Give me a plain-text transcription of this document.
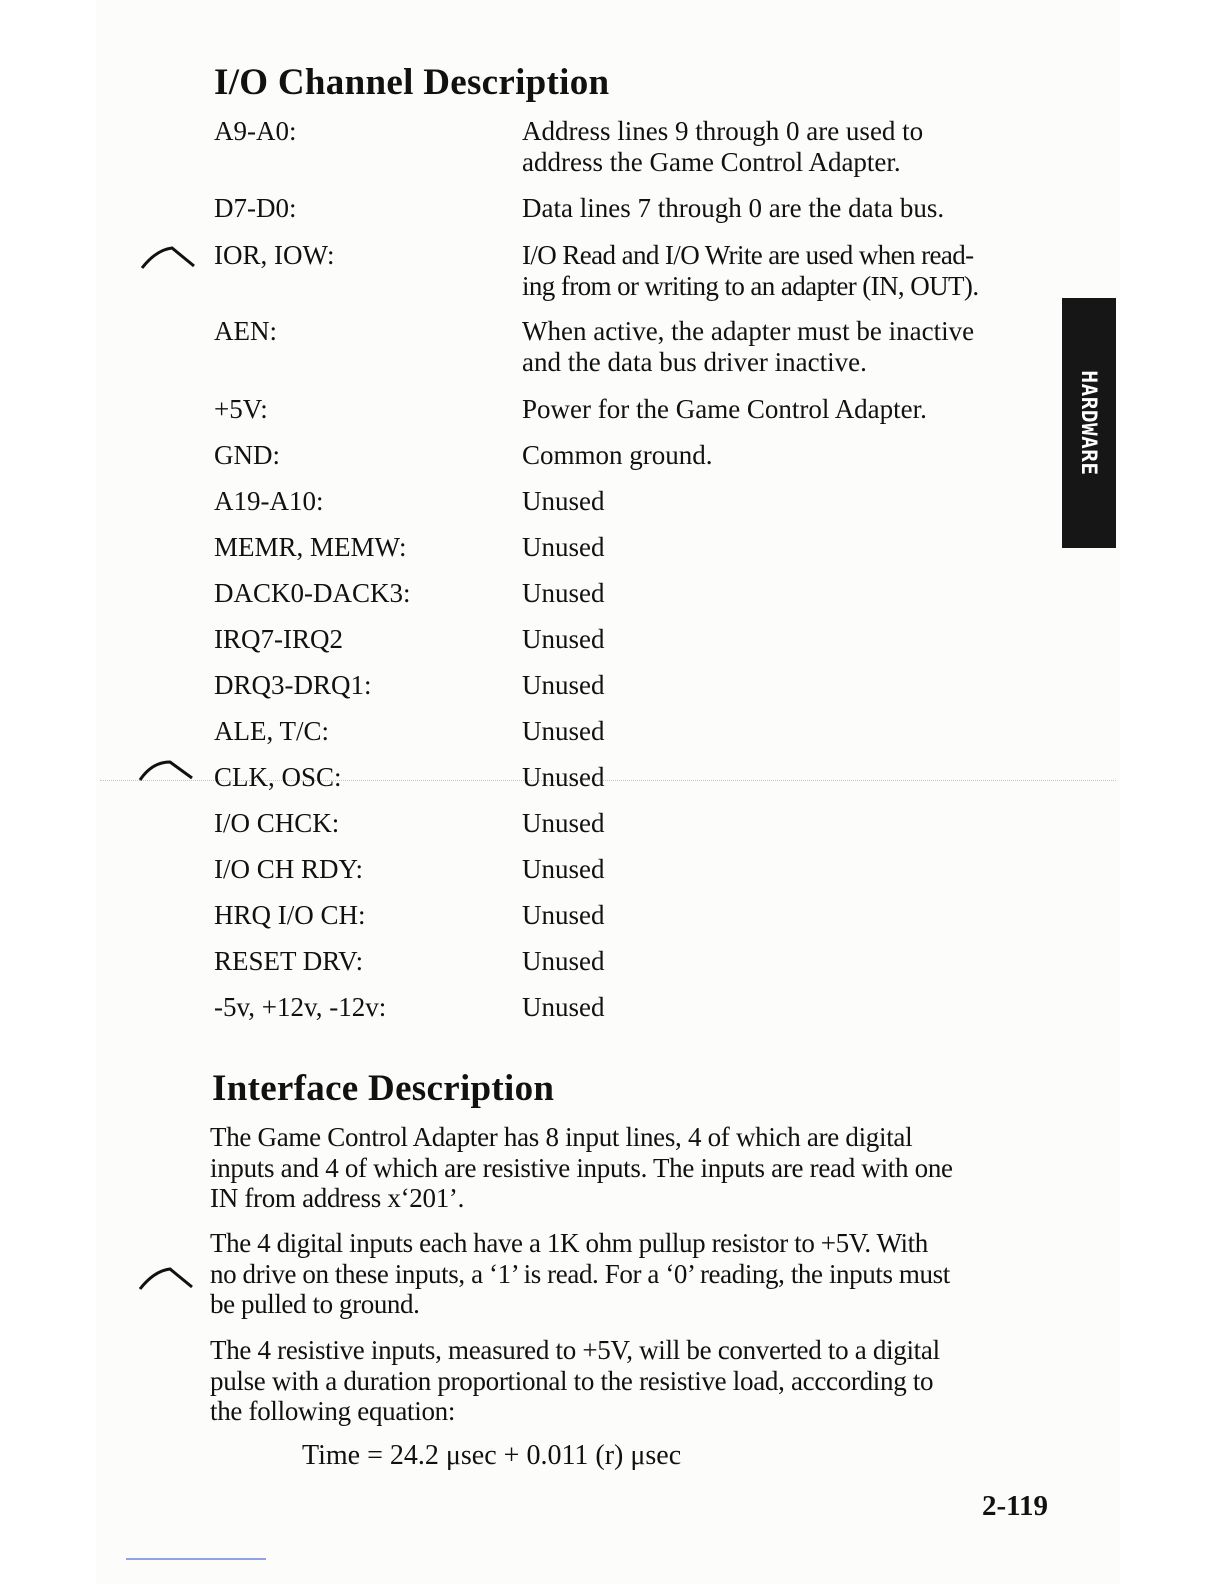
I/O Channel Description
A9-A0:	Address lines 9 through 0 are used to
address the Game Control Adapter.
D7-D0:	Data lines 7 through 0 are the data bus.
IOR, IOW:	I/O Read and I/O Write are used when read-
ing from or writing to an adapter (IN, OUT).
AEN:	When active, the adapter must be inactive
and the data bus driver inactive.
+5V:	Power for the Game Control Adapter.
GND:	Common ground.
A19-A10:	Unused
MEMR, MEMW:	Unused
DACK0-DACK3:	Unused
IRQ7-IRQ2	Unused
DRQ3-DRQ1:	Unused
ALE, T/C:	Unused
CLK, OSC:	Unused
I/O CHCK:	Unused
I/O CH RDY:	Unused
HRQ I/O CH:	Unused
RESET DRV:	Unused
-5v, +12v, -12v:	Unused
Interface Description
The Game Control Adapter has 8 input lines, 4 of which are digital
inputs and 4 of which are resistive inputs. The inputs are read with one
IN from address x‘201’.
The 4 digital inputs each have a 1K ohm pullup resistor to +5V. With
no drive on these inputs, a ‘1’ is read. For a ‘0’ reading, the inputs must
be pulled to ground.
The 4 resistive inputs, measured to +5V, will be converted to a digital
pulse with a duration proportional to the resistive load, acccording to
the following equation:
Time = 24.2 μsec + 0.011 (r) μsec
2-119
HARDWARE
